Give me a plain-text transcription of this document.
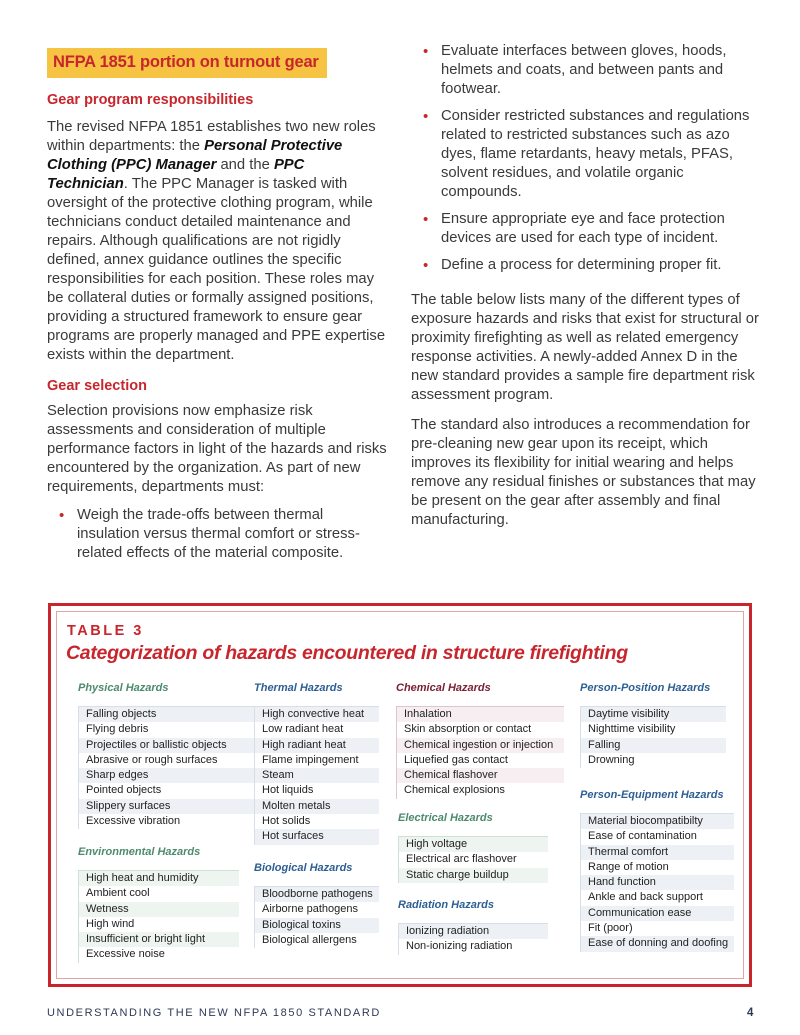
NFPA 1851 portion on turnout gear
Gear program responsibilities

The revised NFPA 1851 establishes two new roles within departments: the Personal Protective Clothing (PPC) Manager and the PPC Technician. The PPC Manager is tasked with oversight of the protective clothing program, while technicians conduct detailed maintenance and repairs. Although qualifications are not rigidly defined, annex guidance outlines the specific responsibilities for each position. These roles may be collateral duties or formally assigned positions, providing a structured framework to ensure gear programs are properly managed and PPE expertise exists within the department.

Gear selection

Selection provisions now emphasize risk assessments and consideration of multiple performance factors in light of the hazards and risks encountered by the organization. As part of new requirements, departments must:

• Weigh the trade-offs between thermal insulation versus thermal comfort or stress-related effects of the material composite.
• Evaluate interfaces between gloves, hoods, helmets and coats, and between pants and footwear.
• Consider restricted substances and regulations related to restricted substances such as azo dyes, flame retardants, heavy metals, PFAS, solvent residues, and volatile organic compounds.
• Ensure appropriate eye and face protection devices are used for each type of incident.
• Define a process for determining proper fit.

The table below lists many of the different types of exposure hazards and risks that exist for structural or proximity firefighting as well as related emergency response activities. A newly-added Annex D in the new standard provides a sample fire department risk assessment program.

The standard also introduces a recommendation for pre-cleaning new gear upon its receipt, which improves its flexibility for initial wearing and helps remove any residual finishes or substances that may be present on the gear after assembly and final manufacturing.

TABLE 3
Categorization of hazards encountered in structure firefighting
Physical Hazards
Falling objects
Flying debris
Projectiles or ballistic objects
Abrasive or rough surfaces
Sharp edges
Pointed objects
Slippery surfaces
Excessive vibration
Environmental Hazards
High heat and humidity
Ambient cool
Wetness
High wind
Insufficient or bright light
Excessive noise
Thermal Hazards
High convective heat
Low radiant heat
High radiant heat
Flame impingement
Steam
Hot liquids
Molten metals
Hot solids
Hot surfaces
Biological Hazards
Bloodborne pathogens
Airborne pathogens
Biological toxins
Biological allergens
Chemical Hazards
Inhalation
Skin absorption or contact
Chemical ingestion or injection
Liquefied gas contact
Chemical flashover
Chemical explosions
Electrical Hazards
High voltage
Electrical arc flashover
Static charge buildup
Radiation Hazards
Ionizing radiation
Non-ionizing radiation
Person-Position Hazards
Daytime visibility
Nighttime visibility
Falling
Drowning
Person-Equipment Hazards
Material biocompatibilty
Ease of contamination
Thermal comfort
Range of motion
Hand function
Ankle and back support
Communication ease
Fit (poor)
Ease of donning and doofing
UNDERSTANDING THE NEW NFPA 1850 STANDARD	4
